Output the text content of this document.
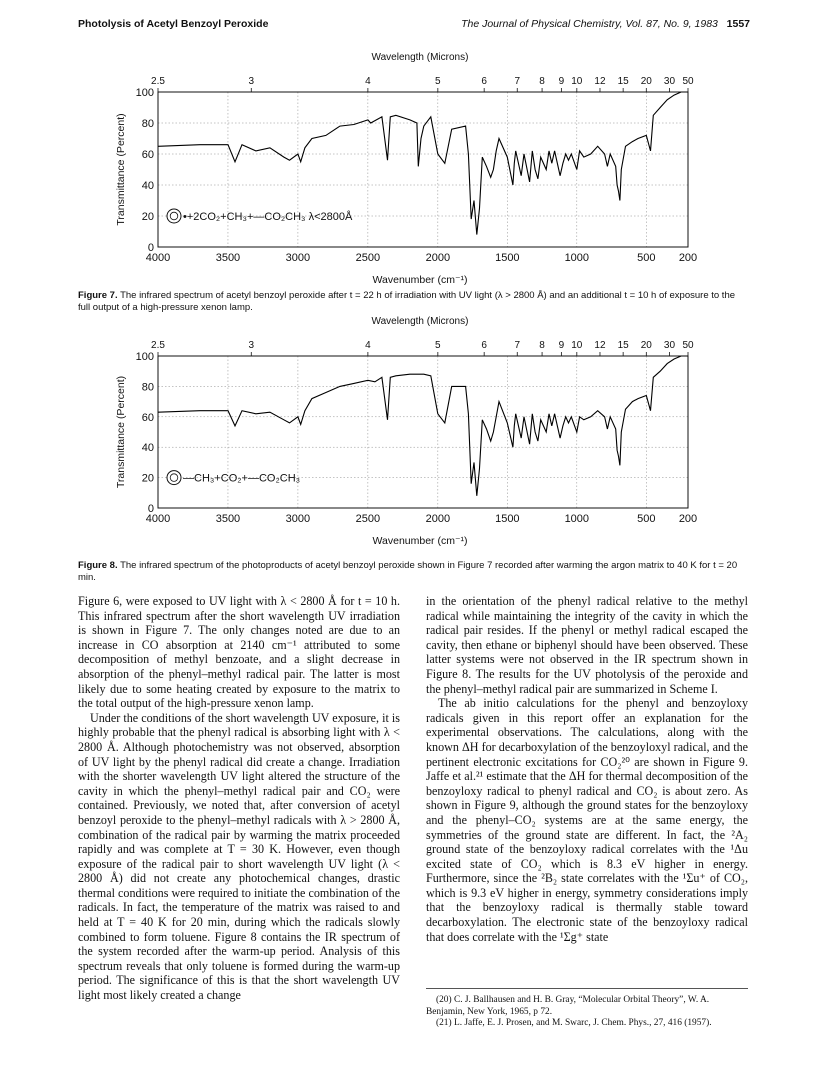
Photolysis of Acetyl Benzoyl Peroxide	The Journal of Physical Chemistry, Vol. 87, No. 9, 1983 1557
Wavelength (Microns)
2.5	3	4	5	6	7 8 9 10 12 15 20 30 50
100
80
60
40
20
0
Transmittance (Percent)
4000	3500	3000	2500	2000	1500	1000	500 200
Wavenumber (cm⁻¹)
•+2CO₂+CH₃+—CO₂CH₃ λ<2800Å
Figure 7. The infrared spectrum of acetyl benzoyl peroxide after t = 22 h of irradiation with UV light (λ > 2800 Å) and an additional t = 10 h of exposure to the full output of a high-pressure xenon lamp.
Wavelength (Microns)
2.5	3	4	5	6	7 8 9 10 12 15 20 30 50
100
80
60
40
20
0
Transmittance (Percent)
4000	3500	3000	2500	2000	1500	1000	500 200
Wavenumber (cm⁻¹)
—CH₃+CO₂+—CO₂CH₃
Figure 8. The infrared spectrum of the photoproducts of acetyl benzoyl peroxide shown in Figure 7 recorded after warming the argon matrix to 40 K for t = 20 min.

Figure 6, were exposed to UV light with λ < 2800 Å for t = 10 h. This infrared spectrum after the short wavelength UV irradiation is shown in Figure 7. The only changes noted are due to an increase in CO absorption at 2140 cm⁻¹ attributed to some decomposition of methyl benzoate, and a slight decrease in absorption of the phenyl–methyl radical pair. The latter is most likely due to some heating created by exposure to the matrix to the total output of the high-pressure xenon lamp.

Under the conditions of the short wavelength UV exposure, it is highly probable that the phenyl radical is absorbing light with λ < 2800 Å. Although photochemistry was not observed, absorption of UV light by the phenyl radical did create a change. Irradiation with the shorter wavelength UV light altered the structure of the cavity in which the phenyl–methyl radical pair and CO₂ were contained. Previously, we noted that, after conversion of acetyl benzoyl peroxide to the phenyl–methyl radicals with λ > 2800 Å, combination of the radical pair by warming the matrix proceeded rapidly and was complete at T = 30 K. However, even though exposure of the radical pair to short wavelength UV light (λ < 2800 Å) did not create any photochemical changes, drastic thermal conditions were required to initiate the combination of the radicals. In fact, the temperature of the matrix was raised to and held at T = 40 K for 20 min, during which the radicals slowly combined to form toluene. Figure 8 contains the IR spectrum of the system recorded after the warm-up period. Analysis of this spectrum reveals that only toluene is formed during the warm-up period. The significance of this is that the short wavelength UV light most likely created a change

in the orientation of the phenyl radical relative to the methyl radical while maintaining the integrity of the cavity in which the radical pair resides. If the phenyl or methyl radical escaped the cavity, then ethane or biphenyl should have been observed. These latter systems were not observed in the IR spectrum shown in Figure 8. The results for the UV photolysis of the peroxide and the phenyl–methyl radical pair are summarized in Scheme I.

The ab initio calculations for the phenyl and benzoyloxy radicals given in this report offer an explanation for the experimental observations. The calculations, along with the known ΔH for decarboxylation of the benzoyloxyl radical, and the pertinent electronic excitations for CO₂²⁰ are shown in Figure 9. Jaffe et al.²¹ estimate that the ΔH for thermal decomposition of the benzoyloxy radical to phenyl radical and CO₂ is about zero. As shown in Figure 9, although the ground states for the benzoyloxy and the phenyl–CO₂ systems are at the same energy, the symmetries of the ground state are different. In fact, the ²A₂ ground state of the benzoyloxy radical correlates with the ¹Δu excited state of CO₂ which is 8.3 eV higher in energy. Furthermore, since the ²B₂ state correlates with the ¹Σu⁺ of CO₂, which is 9.3 eV higher in energy, symmetry considerations imply that the benzoyloxy radical is thermally stable toward decarboxylation. The electronic state of the benzoyloxy radical that does correlate with the ¹Σg⁺ state

(20) C. J. Ballhausen and H. B. Gray, “Molecular Orbital Theory”, W. A. Benjamin, New York, 1965, p 72.
(21) L. Jaffe, E. J. Prosen, and M. Swarc, J. Chem. Phys., 27, 416 (1957).
